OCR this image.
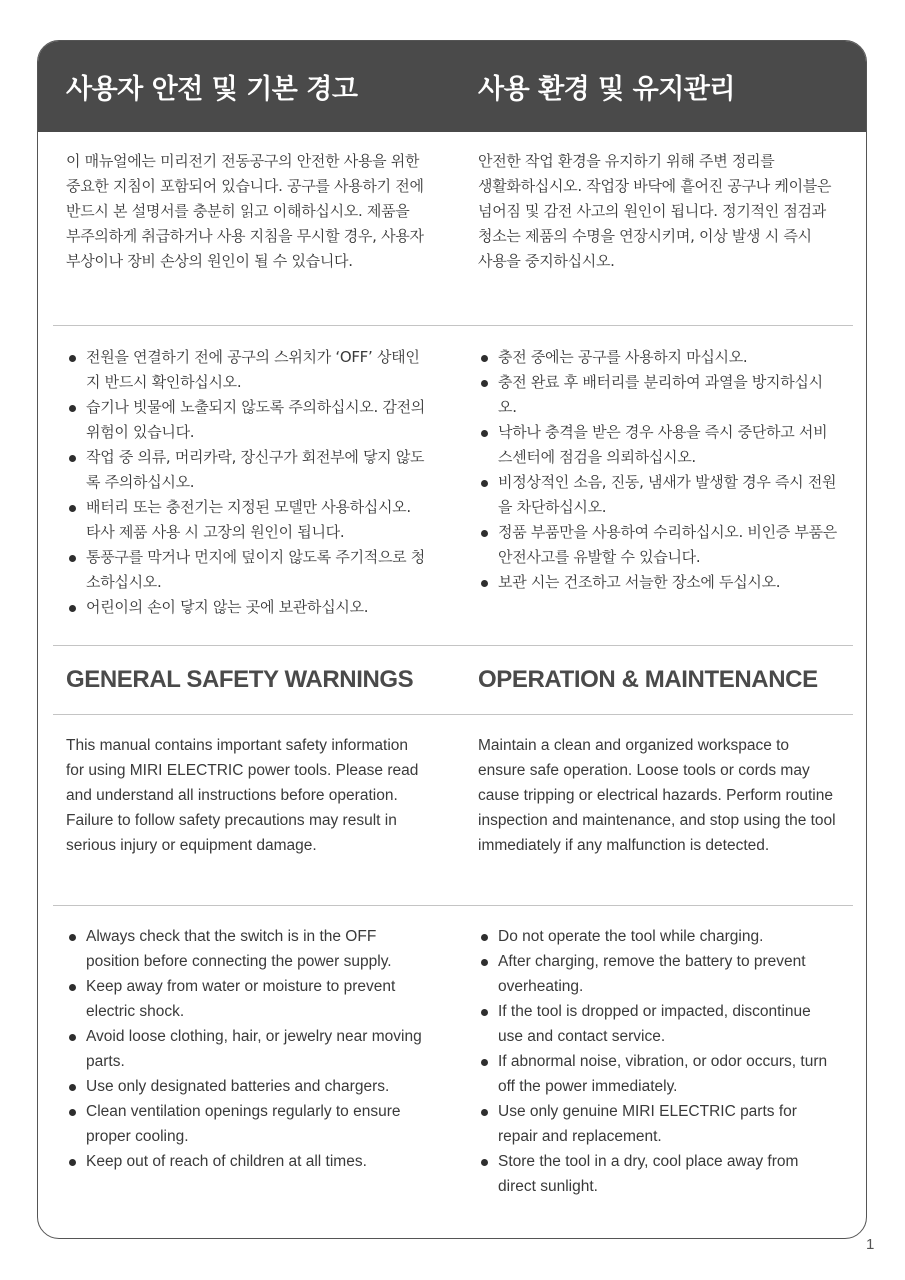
사용자 안전 및 기본 경고	사용 환경 및 유지관리

이 매뉴얼에는 미리전기 전동공구의 안전한 사용을 위한 중요한 지침이 포함되어 있습니다. 공구를 사용하기 전에 반드시 본 설명서를 충분히 읽고 이해하십시오. 제품을 부주의하게 취급하거나 사용 지침을 무시할 경우, 사용자 부상이나 장비 손상의 원인이 될 수 있습니다.

안전한 작업 환경을 유지하기 위해 주변 정리를 생활화하십시오. 작업장 바닥에 흩어진 공구나 케이블은 넘어짐 및 감전 사고의 원인이 됩니다. 정기적인 점검과 청소는 제품의 수명을 연장시키며, 이상 발생 시 즉시 사용을 중지하십시오.

전원을 연결하기 전에 공구의 스위치가 ‘OFF’ 상태인지 반드시 확인하십시오.
습기나 빗물에 노출되지 않도록 주의하십시오. 감전의 위험이 있습니다.
작업 중 의류, 머리카락, 장신구가 회전부에 닿지 않도록 주의하십시오.
배터리 또는 충전기는 지정된 모델만 사용하십시오. 타사 제품 사용 시 고장의 원인이 됩니다.
통풍구를 막거나 먼지에 덮이지 않도록 주기적으로 청소하십시오.
어린이의 손이 닿지 않는 곳에 보관하십시오.
충전 중에는 공구를 사용하지 마십시오.
충전 완료 후 배터리를 분리하여 과열을 방지하십시오.
낙하나 충격을 받은 경우 사용을 즉시 중단하고 서비스센터에 점검을 의뢰하십시오.
비정상적인 소음, 진동, 냄새가 발생할 경우 즉시 전원을 차단하십시오.
정품 부품만을 사용하여 수리하십시오. 비인증 부품은 안전사고를 유발할 수 있습니다.
보관 시는 건조하고 서늘한 장소에 두십시오.
GENERAL SAFETY WARNINGS	OPERATION & MAINTENANCE

This manual contains important safety information for using MIRI ELECTRIC power tools. Please read and understand all instructions before operation. Failure to follow safety precautions may result in serious injury or equipment damage.

Maintain a clean and organized workspace to ensure safe operation. Loose tools or cords may cause tripping or electrical hazards. Perform routine inspection and maintenance, and stop using the tool immediately if any malfunction is detected.

Always check that the switch is in the OFF position before connecting the power supply.
Keep away from water or moisture to prevent electric shock.
Avoid loose clothing, hair, or jewelry near moving parts.
Use only designated batteries and chargers.
Clean ventilation openings regularly to ensure proper cooling.
Keep out of reach of children at all times.
Do not operate the tool while charging.
After charging, remove the battery to prevent overheating.
If the tool is dropped or impacted, discontinue use and contact service.
If abnormal noise, vibration, or odor occurs, turn off the power immediately.
Use only genuine MIRI ELECTRIC parts for repair and replacement.
Store the tool in a dry, cool place away from direct sunlight.
1
